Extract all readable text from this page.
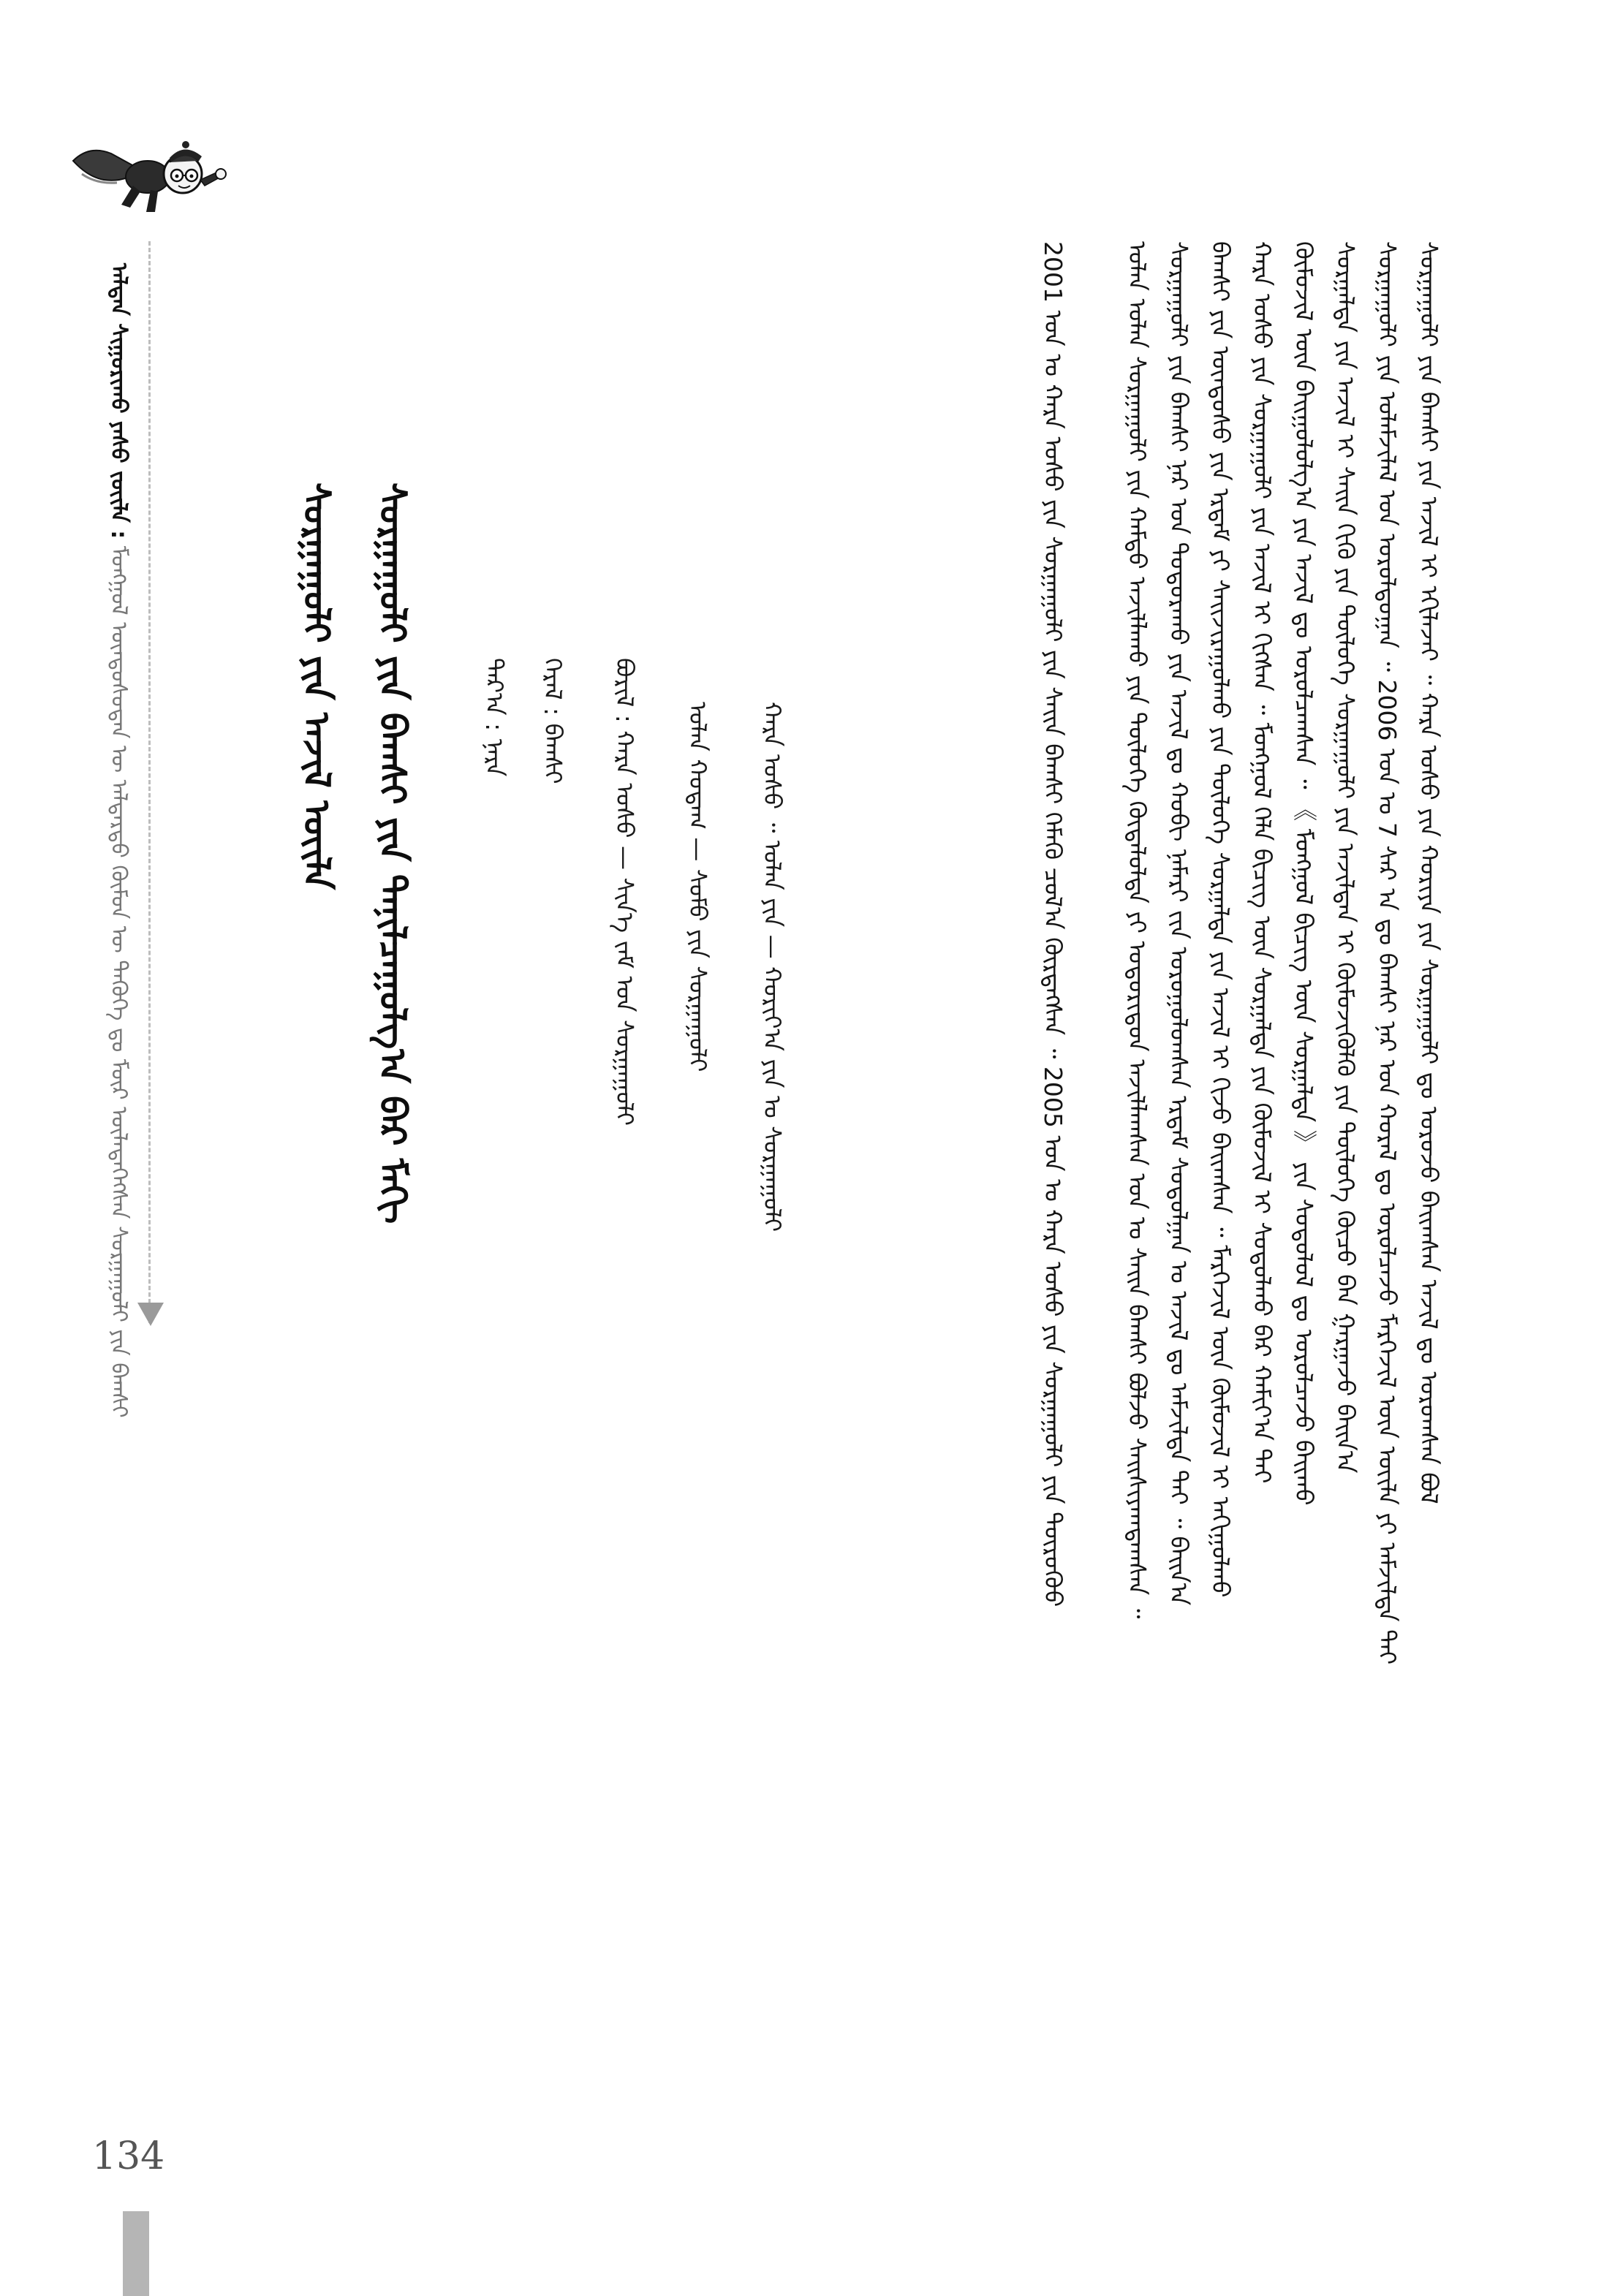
ᠠᠯᠲᠠᠨ ᠰᠢᠭᠤᠷᠢᠬᠤ ᠶᠠᠰᠤ ᠵᠦᠢᠯᠡ : ᠮᠣᠩᠭᠣᠯ ᠦᠨᠳᠦᠰᠦᠲᠡᠨ ᠦ ᠠᠯᠳᠠᠷᠲᠤ ᠬᠦᠮᠦᠨ ᠦ ᠲᠡᠭᠦᠬᠡ ᠳᠤ ᠮᠥᠷ ᠦᠯᠡᠳᠡᠭᠡᠭᠰᠡᠨ ᠰᠤᠷᠭᠠᠭᠤᠯᠢ ᠶᠢᠨ ᠪᠠᠭᠰᠢ	ᠰᠤᠷᠭᠠᠭᠤᠯᠢ ᠶᠢᠨ ᠪᠠᠭᠰᠢ ᠶᠢᠨ ᠠᠵᠢᠯ ᠢ ᠡᠬᠢᠯᠡᠵᠡᠢ ᠃ ᠬᠠᠷᠠ ᠤᠰᠤ ᠶᠢᠨ ᠬᠤᠷᠢᠶᠠ ᠶᠢᠨ ᠰᠤᠷᠭᠠᠭᠤᠯᠢ ᠳᠤ ᠤᠷᠤᠵᠤ ᠪᠠᠢᠭᠰᠠᠨ ᠠᠵᠢᠯ ᠳᠤ ᠣᠷᠤᠭᠰᠠᠨ ᠪᠣᠯ
ᠰᠤᠷᠭᠠᠭᠤᠯᠢ ᠶᠢᠨ ᠤᠯᠠᠮᠵᠢᠯᠠᠯ ᠤᠨ ᠤᠷᠤᠯᠳᠤᠭᠠᠨ ᠃ 2006 ᠣᠨ ᠤ 7 ᠰᠠᠷ ᠠ ᠳᠤ ᠪᠠᠭᠰᠢ ᠨᠠᠷ ᠤᠨ ᠬᠤᠷᠠᠯ ᠳᠤ ᠣᠷᠤᠯᠴᠠᠵᠤ ᠮᠡᠷᠭᠡᠵᠢᠯ ᠦᠨ ᠦᠢᠯᠡ ᠶᠢ ᠠᠮᠵᠢᠯᠲᠠ ᠲᠠᠢ
ᠰᠤᠷᠭᠠᠯᠲᠠ ᠶᠢᠨ ᠠᠵᠢᠯ ᠢ ᠰᠠᠢᠨ ᠬᠢᠬᠦ ᠶᠢᠨ ᠲᠥᠯᠥᠭᠡ ᠰᠤᠷᠭᠠᠭᠤᠯᠢ ᠶᠢᠨ ᠠᠵᠢᠯᠲᠠᠨ ᠢ ᠬᠦᠮᠦᠵᠢᠭᠦᠯᠬᠦ ᠶᠢᠨ ᠲᠥᠯᠥᠭᠡ ᠬᠦᠴᠦ ᠪᠡᠨ ᠭᠠᠷᠭᠠᠵᠤ ᠪᠠᠢᠨ᠎ᠠ
ᠬᠦᠮᠦᠵᠢᠯ ᠦᠨ ᠪᠠᠢᠭᠤᠯᠤᠯᠭ᠎ᠠ ᠶᠢᠨ ᠠᠵᠢᠯ ᠳᠤ ᠣᠷᠤᠯᠴᠠᠭᠰᠠᠨ ᠃ 《 ᠮᠣᠩᠭᠣᠯ ᠪᠢᠴᠢᠭ ᠦᠨ ᠰᠤᠷᠭᠠᠯᠲᠠ 》 ᠶᠢᠨ ᠰᠤᠳᠤᠯᠤᠯ ᠳᠤ ᠣᠷᠤᠯᠴᠠᠵᠤ ᠪᠠᠢᠬᠤ
ᠬᠠᠷᠠ ᠤᠰᠤ ᠶᠢᠨ ᠰᠤᠷᠭᠠᠭᠤᠯᠢ ᠶᠢᠨ ᠠᠵᠢᠯ ᠢ ᠬᠢᠭᠰᠡᠨ ᠃ ᠮᠣᠩᠭᠣᠯ ᠬᠡᠯᠡ ᠪᠢᠴᠢᠭ ᠦᠨ ᠰᠤᠷᠭᠠᠯᠲᠠ ᠶᠢᠨ ᠬᠦᠮᠦᠵᠢᠯ ᠢ ᠰᠤᠳᠤᠯᠬᠤ ᠪᠠᠷ ᠬᠠᠮᠢᠶ᠎ᠠ ᠲᠠᠢ
ᠪᠠᠭᠰᠢ ᠶᠢᠨ ᠦᠨᠳᠦᠰᠦ ᠶᠢᠨ ᠡᠷᠳᠡᠮ ᠶᠢ ᠰᠠᠢᠵᠢᠷᠠᠭᠤᠯᠬᠤ ᠶᠢᠨ ᠲᠥᠯᠥᠭᠡ ᠰᠤᠷᠭᠠᠯᠲᠠ ᠶᠢᠨ ᠠᠵᠢᠯ ᠢ ᠬᠢᠵᠦ ᠪᠠᠢᠭᠰᠠᠨ ᠃ ᠮᠡᠷᠭᠡᠵᠢᠯ ᠦᠨ ᠬᠦᠮᠦᠵᠢᠯ ᠢ ᠠᠬᠢᠭᠤᠯᠬᠤ
ᠰᠤᠷᠭᠠᠭᠤᠯᠢ ᠶᠢᠨ ᠪᠠᠭᠰᠢ ᠨᠠᠷ ᠤᠨ ᠳᠤᠳᠤᠷᠠᠬᠤ ᠶᠢᠨ ᠠᠵᠢᠯ ᠳᠤ ᠬᠤᠪᠢ ᠨᠡᠮᠡᠷᠢ ᠵᠢᠨ ᠣᠷᠤᠭᠤᠯᠤᠭᠰᠠᠨ ᠡᠷᠳᠡᠮ ᠰᠤᠳᠤᠯᠭᠠᠨ ᠤ ᠠᠵᠢᠯ ᠳᠤ ᠠᠮᠵᠢᠯᠲᠠ ᠲᠠᠢ ᠃ ᠪᠠᠢᠨ᠎ᠠ
ᠣᠯᠠᠨ ᠣᠯᠠᠨ ᠰᠤᠷᠭᠠᠭᠤᠯᠢ ᠶᠢᠨ ᠬᠠᠮᠲᠤ ᠠᠵᠢᠯᠯᠠᠬᠤ ᠶᠢᠨ ᠲᠥᠯᠥᠭᠡ ᠬᠥᠳᠡᠯᠦᠯᠲᠡ ᠶᠢ ᠤᠳᠤᠷᠢᠳᠤᠨ ᠠᠵᠢᠯᠯᠠᠭᠰᠠᠨ ᠣᠨ ᠤ ᠰᠠᠢᠨ ᠪᠠᠭᠰᠢ ᠪᠣᠯᠵᠤ ᠰᠠᠢᠰᠢᠶᠠᠭᠳᠠᠭᠰᠠᠨ ᠃
2001 ᠣᠨ ᠤ ᠬᠠᠷᠠ ᠤᠰᠤ ᠶᠢᠨ ᠰᠤᠷᠭᠠᠭᠤᠯᠢ ᠶᠢᠨ ᠰᠠᠢᠨ ᠪᠠᠭᠰᠢ ᠬᠡᠮᠡᠬᠦ ᠴᠣᠯ᠎ᠠ ᠬᠦᠷᠲᠡᠭᠰᠡᠨ ᠃ 2005 ᠣᠨ ᠤ ᠬᠠᠷᠠ ᠤᠰᠤ ᠶᠢᠨ ᠰᠤᠷᠭᠠᠭᠤᠯᠢ ᠶᠢᠨ ᠲᠦᠷᠦᠭᠦᠦ
ᠰᠤᠷᠭᠠᠭᠤᠯᠢ ᠶᠢᠨ ᠪᠠᠭᠰᠢ ᠶᠢᠨ ᠲᠠᠨᠢᠯᠴᠠᠭᠤᠯᠭ᠎ᠠ ᠪᠠᠷ ᠮᠠᠬᠢ
ᠰᠤᠷᠭᠠᠭᠤᠯᠢ ᠶᠢᠨ ᠠᠵᠢᠯ ᠦᠢᠯᠡ
ᠬᠠᠷᠠ ᠤᠰᠤ ᠃ ᠣᠯᠠᠨ ᠶᠢᠨ — ᠬᠤᠷᠢᠶ᠎ᠠ ᠶᠢᠨ ᠤ ᠰᠤᠷᠭᠠᠭᠤᠯᠢ
ᠣᠯᠠᠨ ᠬᠤᠳᠠᠭ — ᠰᠤᠮᠤ ᠶᠢᠨ ᠰᠤᠷᠭᠠᠭᠤᠯᠢ
ᠪᠤᠷᠢᠯ : ᠬᠠᠷᠠ ᠤᠰᠤ — ᠰᠢᠨ᠎ᠡ ᠵᠠᠮ ᠤᠨ ᠰᠤᠷᠭᠠᠭᠤᠯᠢ
ᠭᠡᠷᠡᠯ : ᠪᠠᠭᠰᠢ
ᠳᠠᠷ᠎ᠠ : ᠨᠠᠷᠠ
134
